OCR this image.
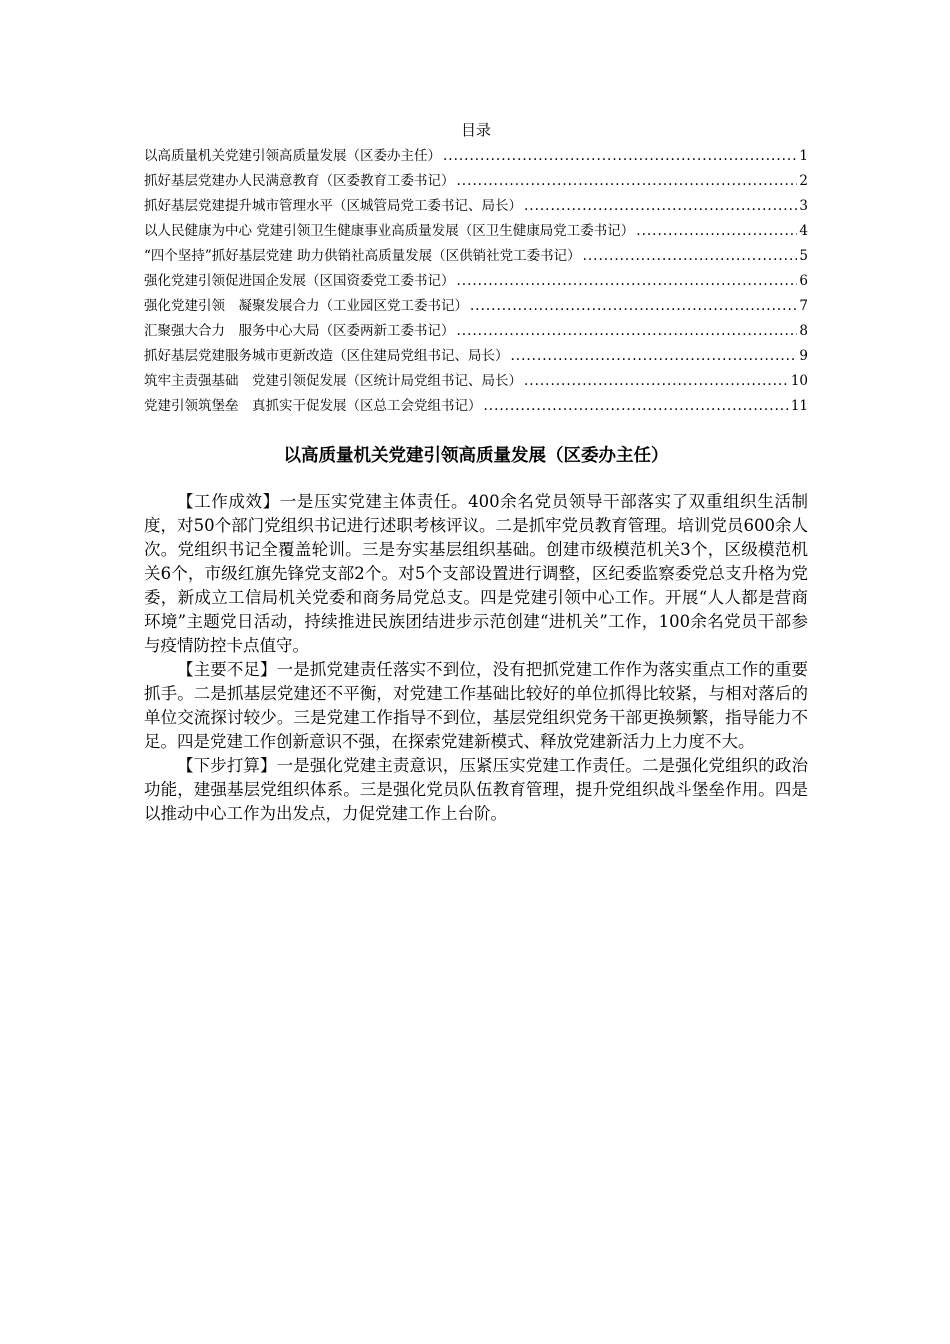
目录
以高质量机关党建引领高质量发展（区委办主任） .....	1
抓好基层党建办人民满意教育（区委教育工委书记） .....	2
抓好基层党建提升城市管理水平（区城管局党工委书记、局长） .....	3
以人民健康为中心 党建引领卫生健康事业高质量发展（区卫生健康局党工委书记） .....	4
“四个坚持”抓好基层党建 助力供销社高质量发展（区供销社党工委书记） .....	5
强化党建引领促进国企发展（区国资委党工委书记） .....	6
强化党建引领　凝聚发展合力（工业园区党工委书记） .....	7
汇聚强大合力　服务中心大局（区委两新工委书记） .....	8
抓好基层党建服务城市更新改造（区住建局党组书记、局长） .....	9
筑牢主责强基础　党建引领促发展（区统计局党组书记、局长） .....	10
党建引领筑堡垒　真抓实干促发展（区总工会党组书记） .....	11
以高质量机关党建引领高质量发展（区委办主任）

【工作成效】一是压实党建主体责任。400余名党员领导干部落实了双重组织生活制度，对50个部门党组织书记进行述职考核评议。二是抓牢党员教育管理。培训党员600余人次。党组织书记全覆盖轮训。三是夯实基层组织基础。创建市级模范机关3个，区级模范机关6个，市级红旗先锋党支部2个。对5个支部设置进行调整，区纪委监察委党总支升格为党委，新成立工信局机关党委和商务局党总支。四是党建引领中心工作。开展“人人都是营商环境”主题党日活动，持续推进民族团结进步示范创建“进机关”工作，100余名党员干部参与疫情防控卡点值守。

【主要不足】一是抓党建责任落实不到位，没有把抓党建工作作为落实重点工作的重要抓手。二是抓基层党建还不平衡，对党建工作基础比较好的单位抓得比较紧，与相对落后的单位交流探讨较少。三是党建工作指导不到位，基层党组织党务干部更换频繁，指导能力不足。四是党建工作创新意识不强，在探索党建新模式、释放党建新活力上力度不大。

【下步打算】一是强化党建主责意识，压紧压实党建工作责任。二是强化党组织的政治功能，建强基层党组织体系。三是强化党员队伍教育管理，提升党组织战斗堡垒作用。四是以推动中心工作为出发点，力促党建工作上台阶。
